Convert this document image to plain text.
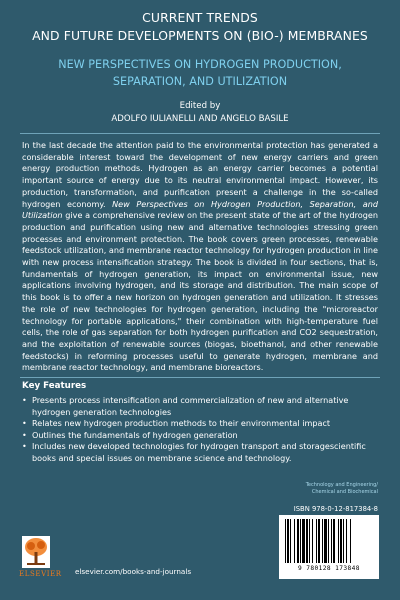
CURRENT TRENDS
AND FUTURE DEVELOPMENTS ON (BIO-) MEMBRANES
NEW PERSPECTIVES ON HYDROGEN PRODUCTION,
SEPARATION, AND UTILIZATION
Edited by
ADOLFO IULIANELLI AND ANGELO BASILE
In the last decade the attention paid to the environmental protection has generated a considerable interest toward the development of new energy carriers and green energy production methods. Hydrogen as an energy carrier becomes a potential important source of energy due to its neutral environmental impact. However, its production, transformation, and purification present a challenge in the so-called hydrogen economy. New Perspectives on Hydrogen Production, Separation, and Utilization give a comprehensive review on the present state of the art of the hydrogen production and purification using new and alternative technologies stressing green processes and environment protection. The book covers green processes, renewable feedstock utilization, and membrane reactor technology for hydrogen production in line with new process intensification strategy. The book is divided in four sections, that is, fundamentals of hydrogen generation, its impact on environmental issue, new applications involving hydrogen, and its storage and distribution. The main scope of this book is to offer a new horizon on hydrogen generation and utilization. It stresses the role of new technologies for hydrogen generation, including the "microreactor technology for portable applications," their combination with high-temperature fuel cells, the role of gas separation for both hydrogen purification and CO2 sequestration, and the exploitation of renewable sources (biogas, bioethanol, and other renewable feedstocks) in reforming processes useful to generate hydrogen, membrane and membrane reactor technology, and membrane bioreactors.
Key Features
• Presents process intensification and commercialization of new and alternative hydrogen generation technologies
• Relates new hydrogen production methods to their environmental impact
• Outlines the fundamentals of hydrogen generation
• Includes new developed technologies for hydrogen transport and storagescientific books and special issues on membrane science and technology.
Technology and Engineering/
Chemical and Biochemical
ISBN 978-0-12-817384-8
9 780128 173848
ELSEVIER elsevier.com/books-and-journals
